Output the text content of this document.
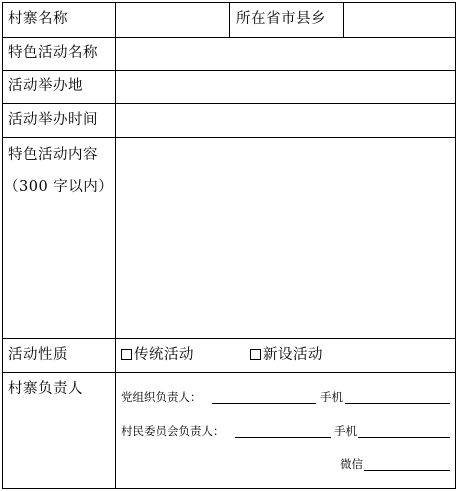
村寨名称	所在省市县乡
特色活动名称
活动举办地
活动举办时间
特色活动内容
（300 字以内）
活动性质	传统活动	新设活动
村寨负责人	党组织负责人：	手机
村民委员会负责人：	手机
微信
